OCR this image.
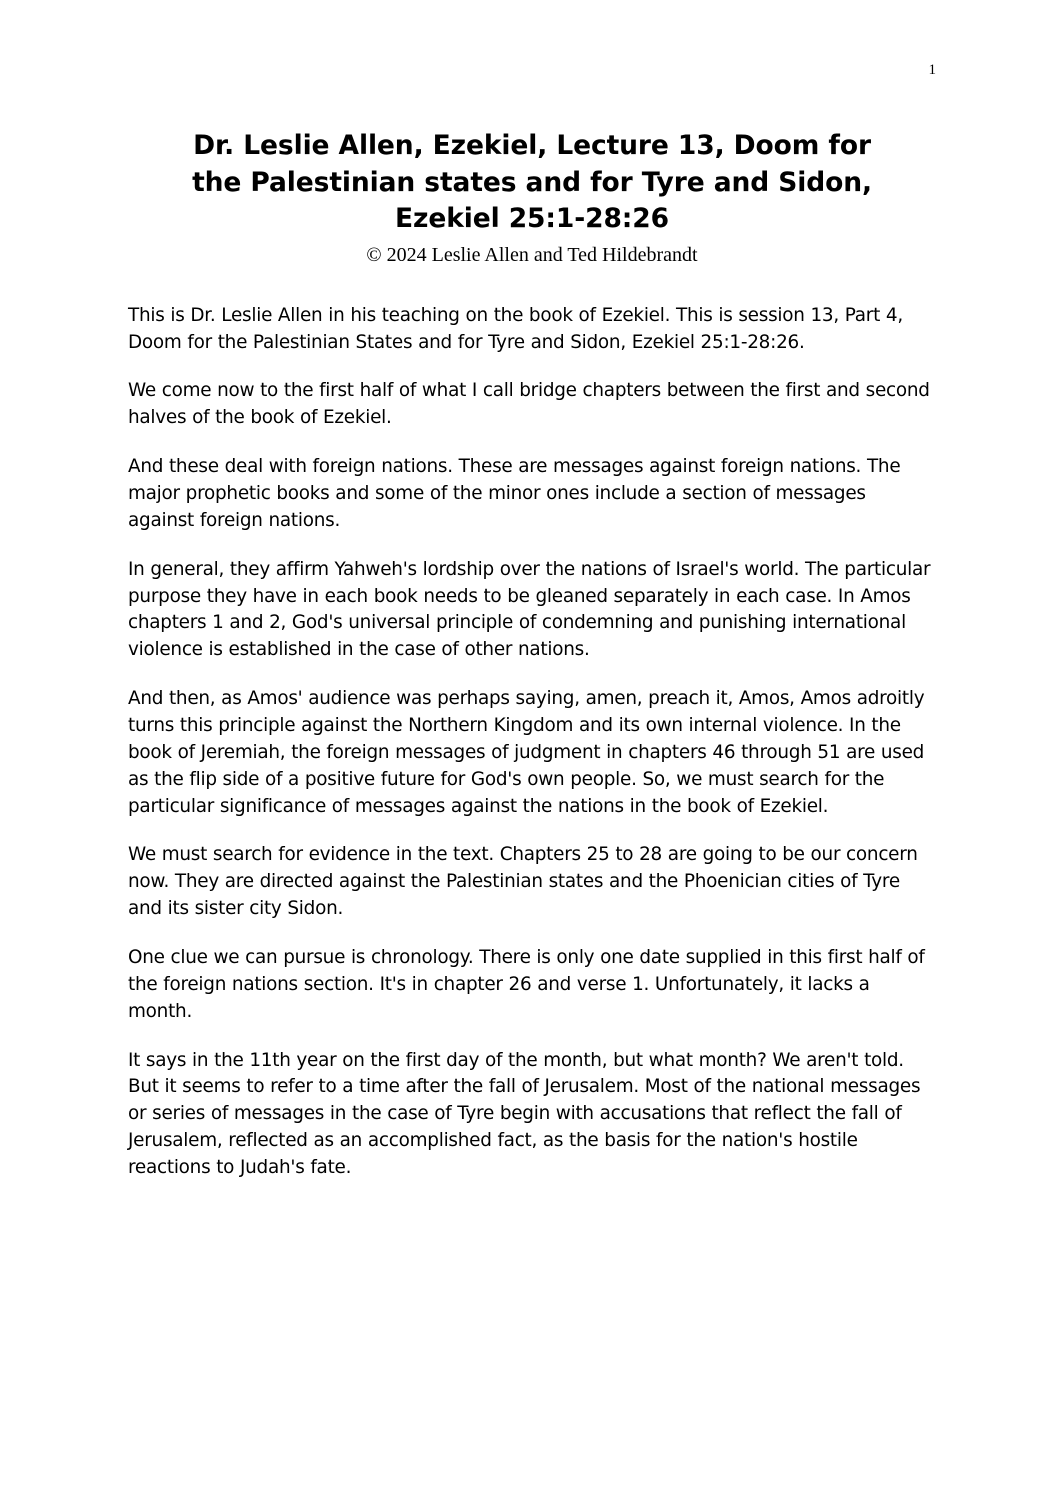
1
Dr. Leslie Allen, Ezekiel, Lecture 13, Doom for
the Palestinian states and for Tyre and Sidon,
Ezekiel 25:1-28:26
© 2024 Leslie Allen and Ted Hildebrandt

This is Dr. Leslie Allen in his teaching on the book of Ezekiel. This is session 13, Part 4, Doom for the Palestinian States and for Tyre and Sidon, Ezekiel 25:1-28:26.

We come now to the first half of what I call bridge chapters between the first and second halves of the book of Ezekiel.

And these deal with foreign nations. These are messages against foreign nations. The major prophetic books and some of the minor ones include a section of messages against foreign nations.

In general, they affirm Yahweh's lordship over the nations of Israel's world. The particular purpose they have in each book needs to be gleaned separately in each case. In Amos chapters 1 and 2, God's universal principle of condemning and punishing international violence is established in the case of other nations.

And then, as Amos' audience was perhaps saying, amen, preach it, Amos, Amos adroitly turns this principle against the Northern Kingdom and its own internal violence. In the book of Jeremiah, the foreign messages of judgment in chapters 46 through 51 are used as the flip side of a positive future for God's own people. So, we must search for the particular significance of messages against the nations in the book of Ezekiel.

We must search for evidence in the text. Chapters 25 to 28 are going to be our concern now. They are directed against the Palestinian states and the Phoenician cities of Tyre and its sister city Sidon.

One clue we can pursue is chronology. There is only one date supplied in this first half of the foreign nations section. It's in chapter 26 and verse 1. Unfortunately, it lacks a month.

It says in the 11th year on the first day of the month, but what month? We aren't told. But it seems to refer to a time after the fall of Jerusalem. Most of the national messages or series of messages in the case of Tyre begin with accusations that reflect the fall of Jerusalem, reflected as an accomplished fact, as the basis for the nation's hostile reactions to Judah's fate.
